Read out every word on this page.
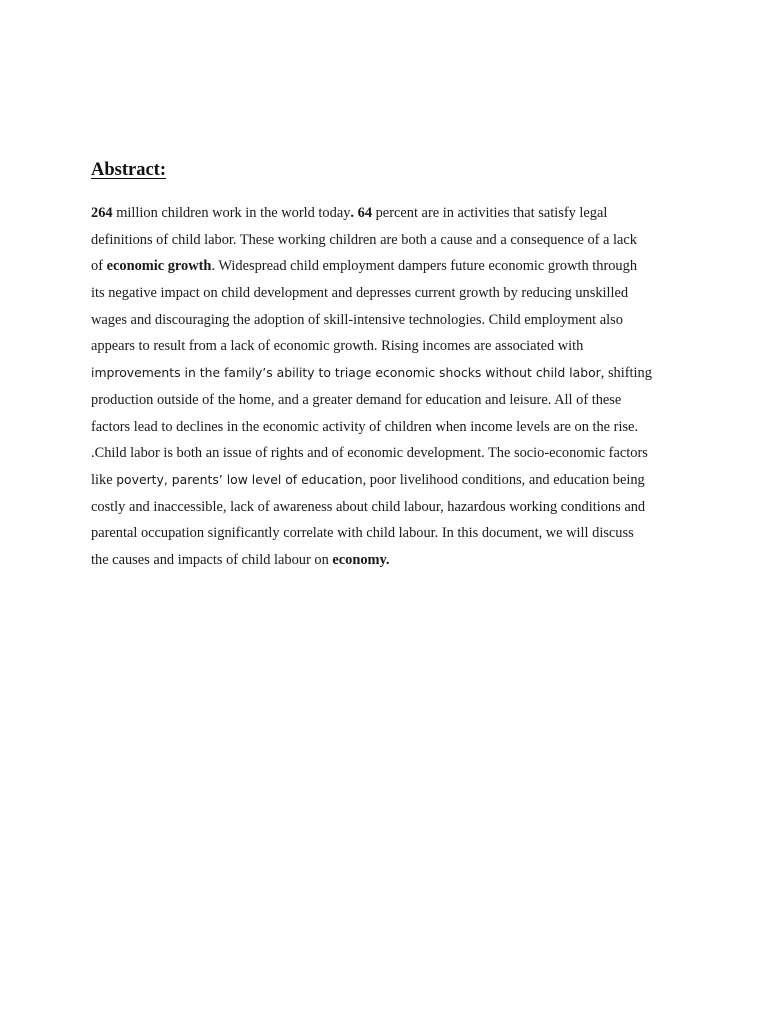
Abstract:
264 million children work in the world today. 64 percent are in activities that satisfy legal
definitions of child labor. These working children are both a cause and a consequence of a lack
of economic growth. Widespread child employment dampers future economic growth through
its negative impact on child development and depresses current growth by reducing unskilled
wages and discouraging the adoption of skill-intensive technologies. Child employment also
appears to result from a lack of economic growth. Rising incomes are associated with
improvements in the family’s ability to triage economic shocks without child labor, shifting
production outside of the home, and a greater demand for education and leisure. All of these
factors lead to declines in the economic activity of children when income levels are on the rise.
.Child labor is both an issue of rights and of economic development. The socio-economic factors
like poverty, parents’ low level of education, poor livelihood conditions, and education being
costly and inaccessible, lack of awareness about child labour, hazardous working conditions and
parental occupation significantly correlate with child labour. In this document, we will discuss
the causes and impacts of child labour on economy.
